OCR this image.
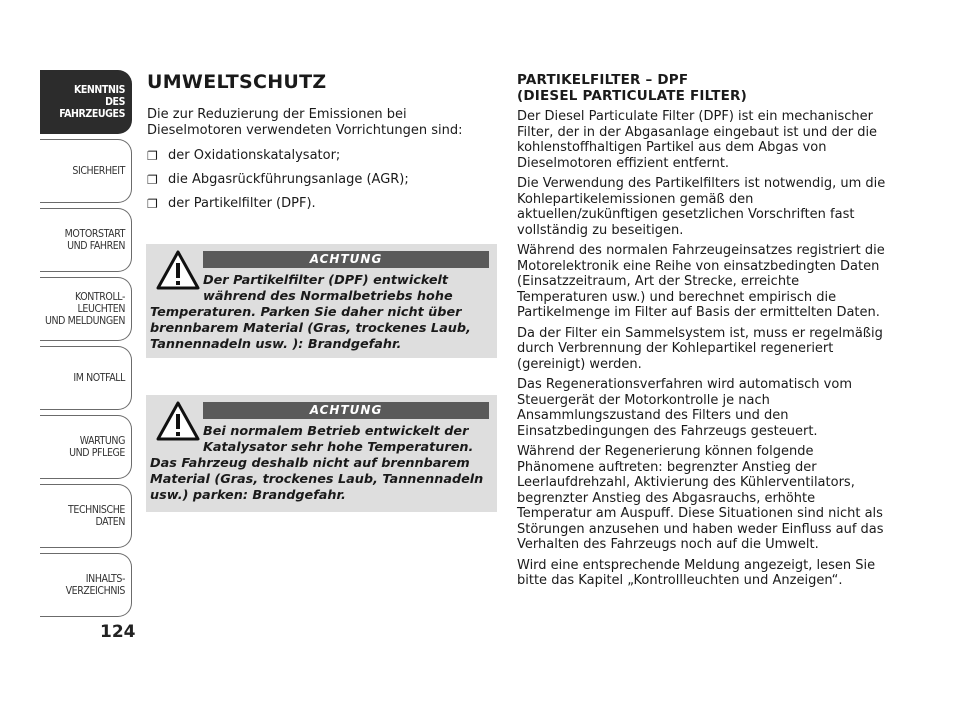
KENNTNIS
DES FAHRZEUGES
SICHERHEIT
MOTORSTART
UND FAHREN
KONTROLL-
LEUCHTEN
UND MELDUNGEN
IM NOTFALL
WARTUNG
UND PFLEGE
TECHNISCHE
DATEN
INHALTS-
VERZEICHNIS
124
UMWELTSCHUTZ
Die zur Reduzierung der Emissionen bei Dieselmotoren verwendeten Vorrichtungen sind:
❐ der Oxidationskatalysator;
❐ die Abgasrückführungsanlage (AGR);
❐ der Partikelfilter (DPF).
ACHTUNG
Der Partikelfilter (DPF) entwickelt
während des Normalbetriebs hohe
Temperaturen. Parken Sie daher nicht über brennbarem Material (Gras, trockenes Laub, Tannennadeln usw. ): Brandgefahr.
ACHTUNG
Bei normalem Betrieb entwickelt der
Katalysator sehr hohe Temperaturen.
Das Fahrzeug deshalb nicht auf brennbarem Material (Gras, trockenes Laub, Tannennadeln usw.) parken: Brandgefahr.
PARTIKELFILTER – DPF
(DIESEL PARTICULATE FILTER)

Der Diesel Particulate Filter (DPF) ist ein mechanischer Filter, der in der Abgasanlage eingebaut ist und der die kohlenstoffhaltigen Partikel aus dem Abgas von Dieselmotoren effizient entfernt.

Die Verwendung des Partikelfilters ist notwendig, um die Kohlepartikelemissionen gemäß den aktuellen/zukünftigen gesetzlichen Vorschriften fast vollständig zu beseitigen.

Während des normalen Fahrzeugeinsatzes registriert die Motorelektronik eine Reihe von einsatzbedingten Daten (Einsatzzeitraum, Art der Strecke, erreichte Temperaturen usw.) und berechnet empirisch die Partikelmenge im Filter auf Basis der ermittelten Daten.

Da der Filter ein Sammelsystem ist, muss er regelmäßig durch Verbrennung der Kohlepartikel regeneriert (gereinigt) werden.

Das Regenerationsverfahren wird automatisch vom Steuergerät der Motorkontrolle je nach Ansammlungszustand des Filters und den Einsatzbedingungen des Fahrzeugs gesteuert.

Während der Regenerierung können folgende Phänomene auftreten: begrenzter Anstieg der Leerlaufdrehzahl, Aktivierung des Kühlerventilators, begrenzter Anstieg des Abgasrauchs, erhöhte Temperatur am Auspuff. Diese Situationen sind nicht als Störungen anzusehen und haben weder Einfluss auf das Verhalten des Fahrzeugs noch auf die Umwelt.

Wird eine entsprechende Meldung angezeigt, lesen Sie bitte das Kapitel „Kontrollleuchten und Anzeigen“.
